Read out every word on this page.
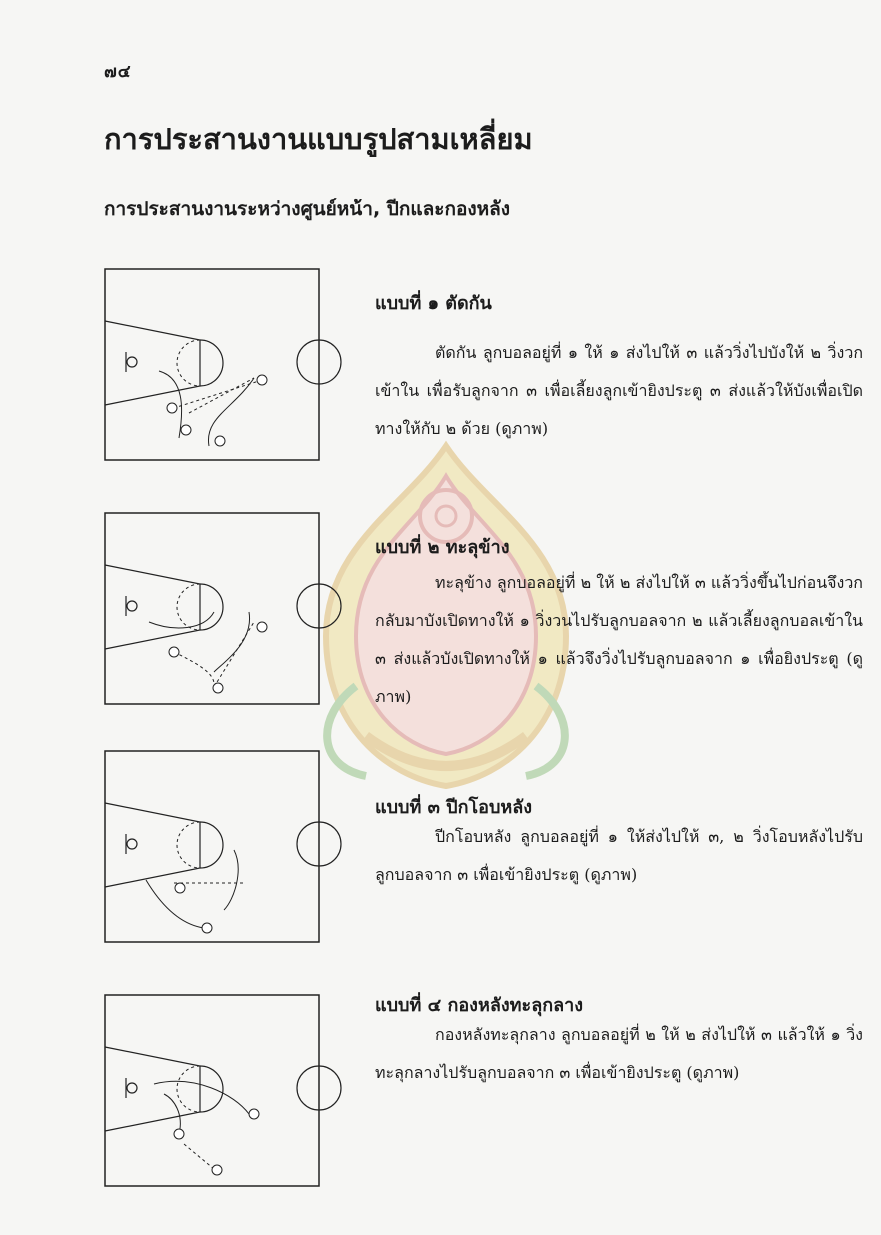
๗๔
การประสานงานแบบรูปสามเหลี่ยม
การประสานงานระหว่างศูนย์หน้า, ปีกและกองหลัง
แบบที่ ๑ ตัดกัน

ตัดกัน ลูกบอลอยู่ที่ ๑ ให้ ๑ ส่งไปให้ ๓ แล้ววิ่งไปบังให้ ๒ วิ่งวกเข้าใน เพื่อรับลูกจาก ๓ เพื่อเลี้ยงลูกเข้ายิงประตู ๓ ส่งแล้วให้บังเพื่อเปิดทางให้กับ ๒ ด้วย (ดูภาพ)

แบบที่ ๒ ทะลุข้าง

ทะลุข้าง ลูกบอลอยู่ที่ ๒ ให้ ๒ ส่งไปให้ ๓ แล้ววิ่งขึ้นไปก่อนจึงวกกลับมาบังเปิดทางให้ ๑ วิ่งวนไปรับลูกบอลจาก ๒ แล้วเลี้ยงลูกบอลเข้าใน ๓ ส่งแล้วบังเปิดทางให้ ๑ แล้วจึงวิ่งไปรับลูกบอลจาก ๑ เพื่อยิงประตู (ดูภาพ)

แบบที่ ๓ ปีกโอบหลัง

ปีกโอบหลัง ลูกบอลอยู่ที่ ๑ ให้ส่งไปให้ ๓, ๒ วิ่งโอบหลังไปรับลูกบอลจาก ๓ เพื่อเข้ายิงประตู (ดูภาพ)

แบบที่ ๔ กองหลังทะลุกลาง

กองหลังทะลุกลาง ลูกบอลอยู่ที่ ๒ ให้ ๒ ส่งไปให้ ๓ แล้วให้ ๑ วิ่งทะลุกลางไปรับลูกบอลจาก ๓ เพื่อเข้ายิงประตู (ดูภาพ)
